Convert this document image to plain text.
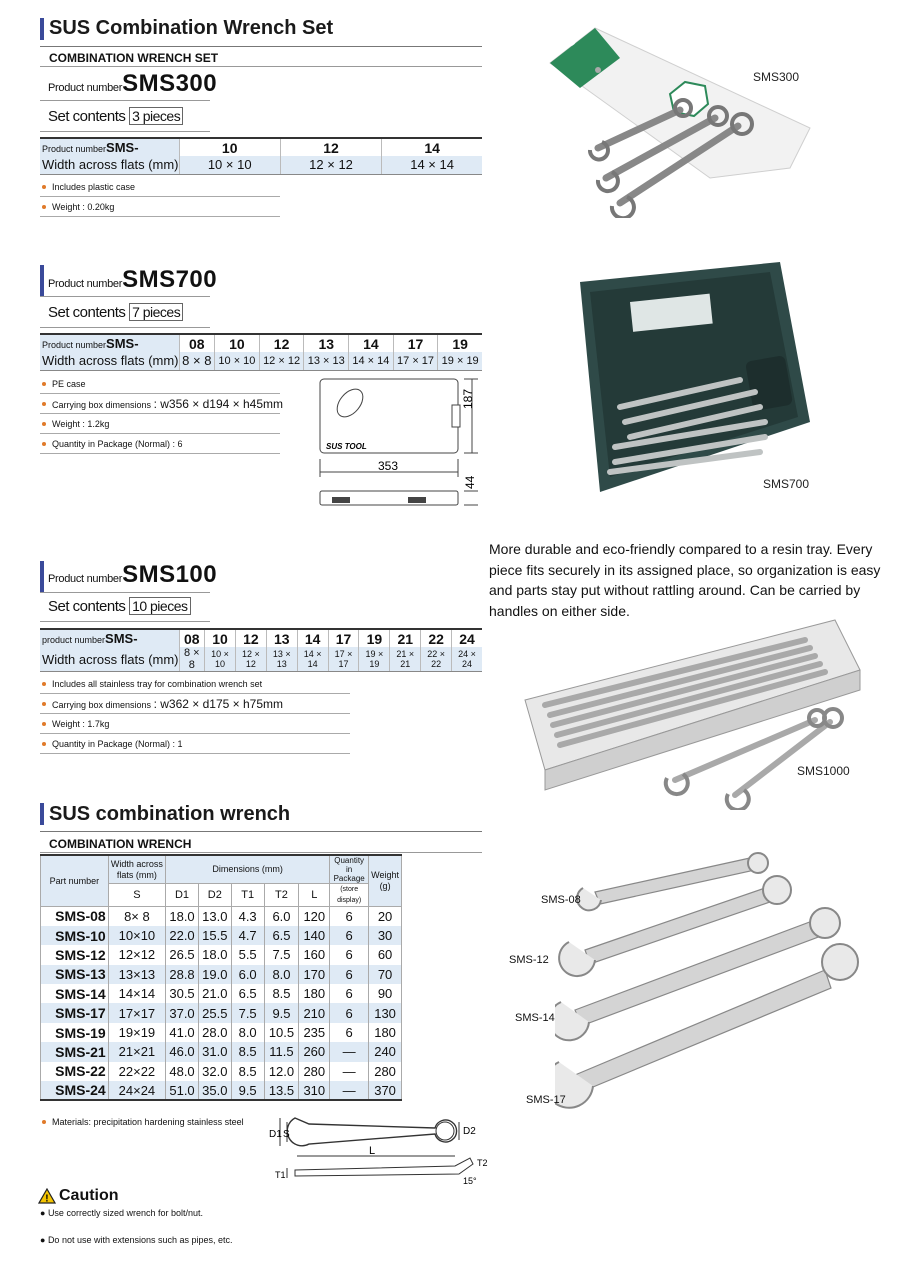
SUS Combination Wrench Set
COMBINATION WRENCH SET
Product numberSMS300
Set contents 3 pieces
Product numberSMS-	10	12	14
Width across flats (mm)	10 × 10	12 × 12	14 × 14
Includes plastic case
Weight : 0.20kg
SMS300
Product numberSMS700
Set contents 7 pieces
Product numberSMS-	08	10	12	13	14	17	19
Width across flats (mm)	8 × 8	10 × 10	12 × 12	13 × 13	14 × 14	17 × 17	19 × 19
PE case
Carrying box dimensions : w356 × d194 × h45mm
Weight : 1.2kg
Quantity in Package (Normal) : 6	SUS TOOL
187
353
44	SMS700
More durable and eco-friendly compared to a resin tray. Every piece fits securely in its assigned place, so organization is easy and parts stay put without rattling around. Can be carried by handles on either side.
Product numberSMS100
Set contents 10 pieces
product numberSMS-	08	10	12	13	14	17	19	21	22	24
Width across flats (mm)	8 × 8	10 × 10	12 × 12	13 × 13	14 × 14	17 × 17	19 × 19	21 × 21	22 × 22	24 × 24
Includes all stainless tray for combination wrench set
Carrying box dimensions : w362 × d175 × h75mm
Weight : 1.7kg
Quantity in Package (Normal) : 1
SMS1000
SUS combination wrench
COMBINATION WRENCH
Part number	Width across flats (mm)	Dimensions (mm)					Quantity in Package	Weight (g)
	S	D1	D2	T1	T2	L	(store display)	
SMS-08	8× 8	18.0	13.0	4.3	6.0	120	6	20
SMS-10	10×10	22.0	15.5	4.7	6.5	140	6	30
SMS-12	12×12	26.5	18.0	5.5	7.5	160	6	60
SMS-13	13×13	28.8	19.0	6.0	8.0	170	6	70
SMS-14	14×14	30.5	21.0	6.5	8.5	180	6	90
SMS-17	17×17	37.0	25.5	7.5	9.5	210	6	130
SMS-19	19×19	41.0	28.0	8.0	10.5	235	6	180
SMS-21	21×21	46.0	31.0	8.5	11.5	260	—	240
SMS-22	22×22	48.0	32.0	8.5	12.0	280	—	280
SMS-24	24×24	51.0	35.0	9.5	13.5	310	—	370
Materials: precipitation hardening stainless steel
D1 S	D2
L
T1
T2
15°
SMS-08
SMS-12
SMS-14
SMS-17
! Caution
● Use correctly sized wrench for bolt/nut.
● Do not use with extensions such as pipes, etc.
